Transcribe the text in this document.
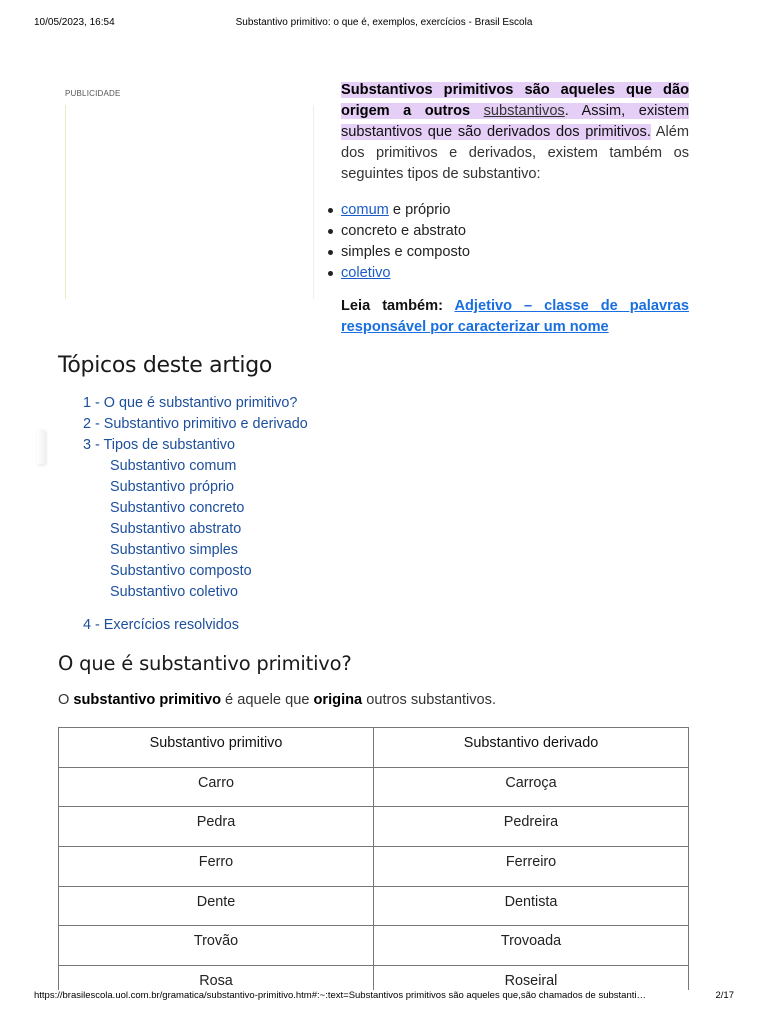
10/05/2023, 16:54	Substantivo primitivo: o que é, exemplos, exercícios - Brasil Escola
PUBLICIDADE	Substantivos primitivos são aqueles que dão origem a outros substantivos. Assim, existem substantivos que são derivados dos primitivos. Além dos primitivos e derivados, existem também os seguintes tipos de substantivo:

comum e próprio
concreto e abstrato
simples e composto
coletivo

Leia também: Adjetivo – classe de palavras responsável por caracterizar um nome

Tópicos deste artigo
1 - O que é substantivo primitivo?
2 - Substantivo primitivo e derivado
3 - Tipos de substantivo
Substantivo comum
Substantivo próprio
Substantivo concreto
Substantivo abstrato
Substantivo simples
Substantivo composto
Substantivo coletivo
4 - Exercícios resolvidos
O que é substantivo primitivo?

O substantivo primitivo é aquele que origina outros substantivos.

Substantivo primitivo	Substantivo derivado
Carro	Carroça
Pedra	Pedreira
Ferro	Ferreiro
Dente	Dentista
Trovão	Trovoada
Rosa	Roseiral
https://brasilescola.uol.com.br/gramatica/substantivo-primitivo.htm#:~:text=Substantivos primitivos são aqueles que,são chamados de substanti…	2/17
